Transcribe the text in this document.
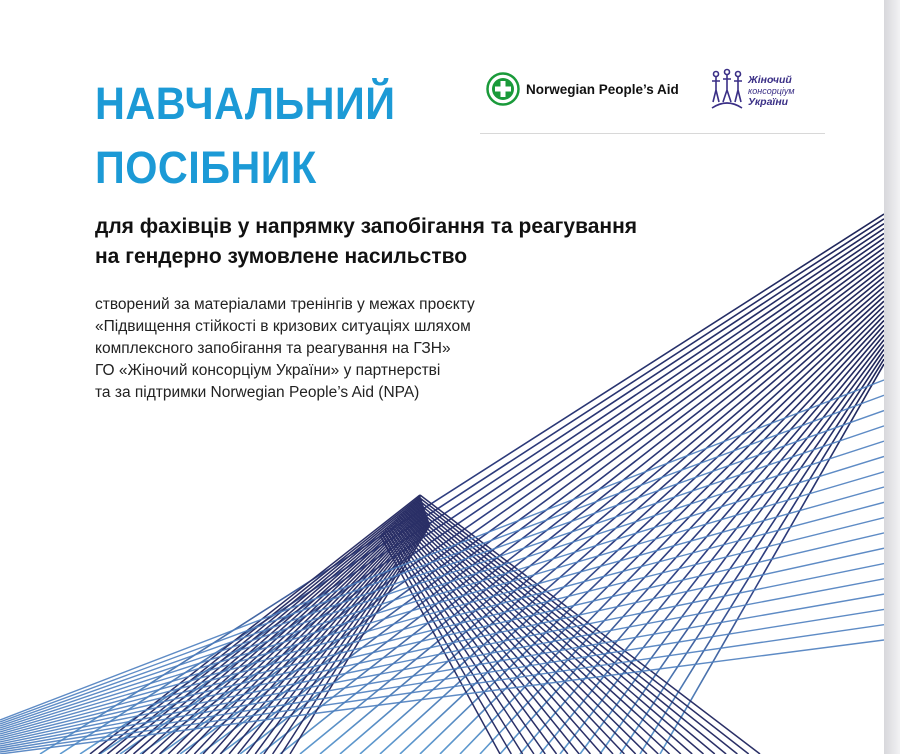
Norwegian People’s Aid
Жіночий
консорціум
України
НАВЧАЛЬНИЙ
ПОСІБНИК

для фахівців у напрямку запобігання та реагування на гендерно зумовлене насильство

створений за матеріалами тренінгів у межах проєкту
«Підвищення стійкості в кризових ситуаціях шляхом
комплексного запобігання та реагування на ГЗН»
ГО «Жіночий консорціум України» у партнерстві
та за підтримки Norwegian People’s Aid (NPA)
